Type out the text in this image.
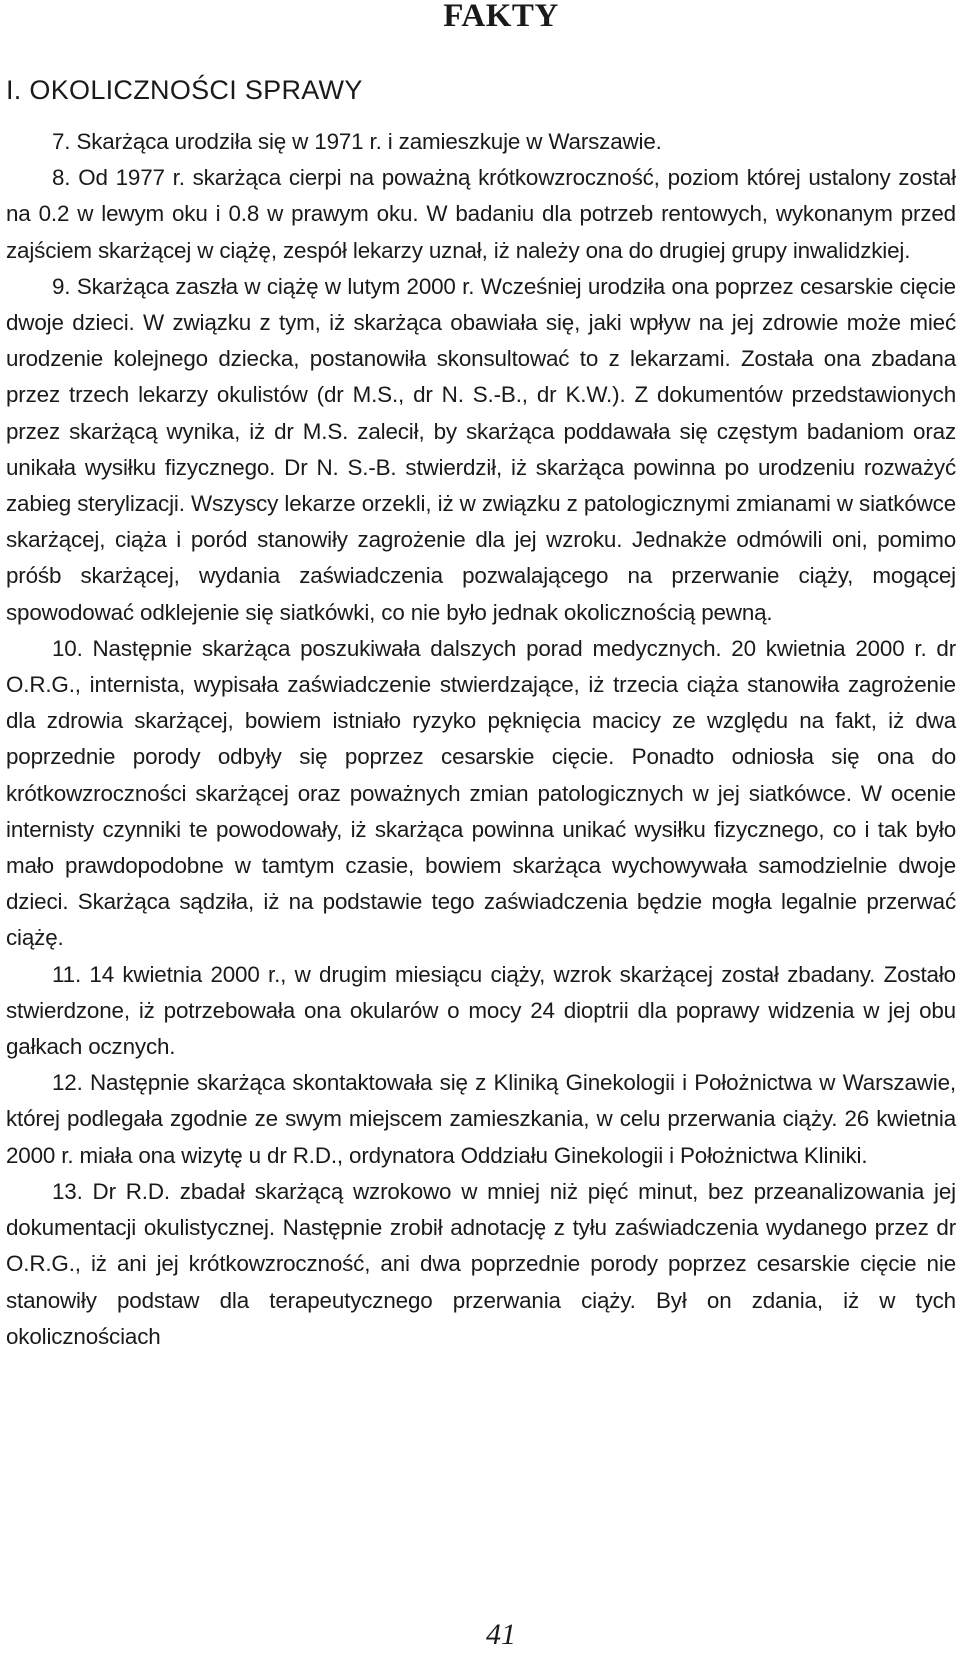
FAKTY
I. OKOLICZNOŚCI SPRAWY

7. Skarżąca urodziła się w 1971 r. i zamieszkuje w Warszawie.

8. Od 1977 r. skarżąca cierpi na poważną krótkowzroczność, poziom której ustalony został na 0.2 w lewym oku i 0.8 w prawym oku. W badaniu dla potrzeb rentowych, wykonanym przed zajściem skarżącej w ciążę, zespół lekarzy uznał, iż należy ona do drugiej grupy inwalidzkiej.

9. Skarżąca zaszła w ciążę w lutym 2000 r. Wcześniej urodziła ona poprzez cesarskie cięcie dwoje dzieci. W związku z tym, iż skarżąca obawiała się, jaki wpływ na jej zdrowie może mieć urodzenie kolejnego dziecka, postanowiła skonsultować to z lekarzami. Została ona zbadana przez trzech lekarzy okulistów (dr M.S., dr N. S.-B., dr K.W.). Z dokumentów przedstawionych przez skarżącą wynika, iż dr M.S. zalecił, by skarżąca poddawała się częstym badaniom oraz unikała wysiłku fizycznego. Dr N. S.-B. stwierdził, iż skarżąca powinna po urodzeniu rozważyć zabieg sterylizacji. Wszyscy lekarze orzekli, iż w związku z patologicznymi zmianami w siatkówce skarżącej, ciąża i poród stanowiły zagrożenie dla jej wzroku. Jednakże odmówili oni, pomimo próśb skarżącej, wydania zaświadczenia pozwalającego na przerwanie ciąży, mogącej spowodować odklejenie się siatkówki, co nie było jednak okolicznością pewną.

10. Następnie skarżąca poszukiwała dalszych porad medycznych. 20 kwietnia 2000 r. dr O.R.G., internista, wypisała zaświadczenie stwierdzające, iż trzecia ciąża stanowiła zagrożenie dla zdrowia skarżącej, bowiem istniało ryzyko pęknięcia macicy ze względu na fakt, iż dwa poprzednie porody odbyły się poprzez cesarskie cięcie. Ponadto odniosła się ona do krótkowzroczności skarżącej oraz poważnych zmian patologicznych w jej siatkówce. W ocenie internisty czynniki te powodowały, iż skarżąca powinna unikać wysiłku fizycznego, co i tak było mało prawdopodobne w tamtym czasie, bowiem skarżąca wychowywała samodzielnie dwoje dzieci. Skarżąca sądziła, iż na podstawie tego zaświadczenia będzie mogła legalnie przerwać ciążę.

11. 14 kwietnia 2000 r., w drugim miesiącu ciąży, wzrok skarżącej został zbadany. Zostało stwierdzone, iż potrzebowała ona okularów o mocy 24 dioptrii dla poprawy widzenia w jej obu gałkach ocznych.

12. Następnie skarżąca skontaktowała się z Kliniką Ginekologii i Położnictwa w Warszawie, której podlegała zgodnie ze swym miejscem zamieszkania, w celu przerwania ciąży. 26 kwietnia 2000 r. miała ona wizytę u dr R.D., ordynatora Oddziału Ginekologii i Położnictwa Kliniki.

13. Dr R.D. zbadał skarżącą wzrokowo w mniej niż pięć minut, bez przeanalizowania jej dokumentacji okulistycznej. Następnie zrobił adnotację z tyłu zaświadczenia wydanego przez dr O.R.G., iż ani jej krótkowzroczność, ani dwa poprzednie porody poprzez cesarskie cięcie nie stanowiły podstaw dla terapeutycznego przerwania ciąży. Był on zdania, iż w tych okolicznościach

41
